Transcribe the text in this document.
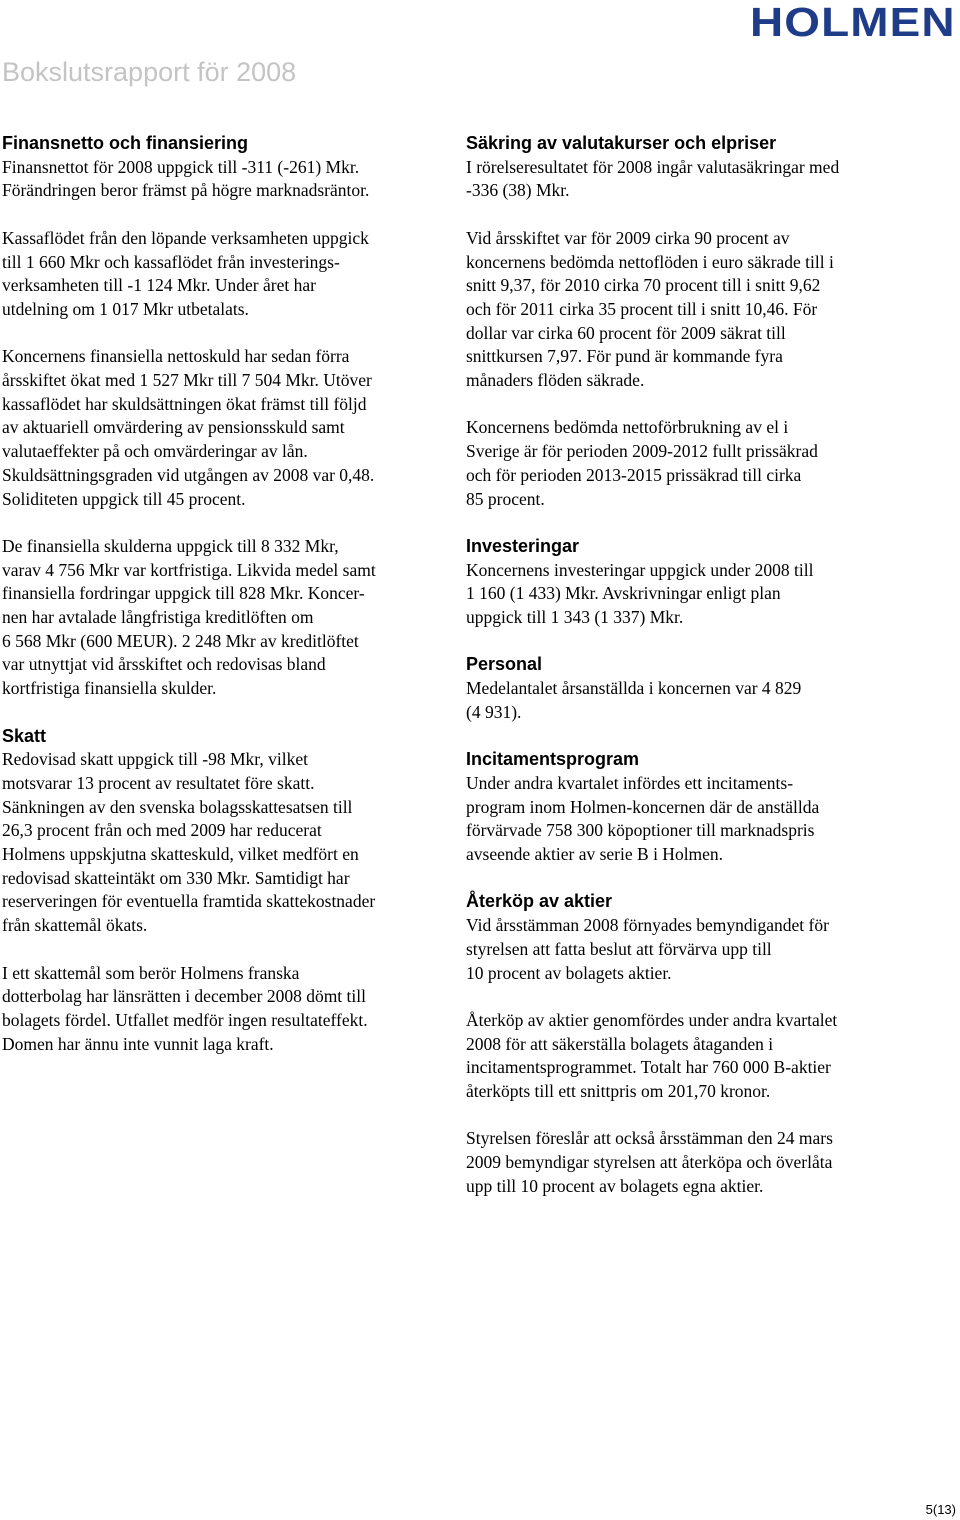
HOLMEN
Bokslutsrapport för 2008
Finansnetto och finansiering

Finansnettot för 2008 uppgick till -311 (-261) Mkr.
Förändringen beror främst på högre marknadsräntor.

Kassaflödet från den löpande verksamheten uppgick
till 1 660 Mkr och kassaflödet från investerings-
verksamheten till -1 124 Mkr. Under året har
utdelning om 1 017 Mkr utbetalats.

Koncernens finansiella nettoskuld har sedan förra
årsskiftet ökat med 1 527 Mkr till 7 504 Mkr. Utöver
kassaflödet har skuldsättningen ökat främst till följd
av aktuariell omvärdering av pensionsskuld samt
valutaeffekter på och omvärderingar av lån.
Skuldsättningsgraden vid utgången av 2008 var 0,48.
Soliditeten uppgick till 45 procent.

De finansiella skulderna uppgick till 8 332 Mkr,
varav 4 756 Mkr var kortfristiga. Likvida medel samt
finansiella fordringar uppgick till 828 Mkr. Koncer-
nen har avtalade långfristiga kreditlöften om
6 568 Mkr (600 MEUR). 2 248 Mkr av kreditlöftet
var utnyttjat vid årsskiftet och redovisas bland
kortfristiga finansiella skulder.

Skatt

Redovisad skatt uppgick till -98 Mkr, vilket
motsvarar 13 procent av resultatet före skatt.
Sänkningen av den svenska bolagsskattesatsen till
26,3 procent från och med 2009 har reducerat
Holmens uppskjutna skatteskuld, vilket medfört en
redovisad skatteintäkt om 330 Mkr. Samtidigt har
reserveringen för eventuella framtida skattekostnader
från skattemål ökats.

I ett skattemål som berör Holmens franska
dotterbolag har länsrätten i december 2008 dömt till
bolagets fördel. Utfallet medför ingen resultateffekt.
Domen har ännu inte vunnit laga kraft.

Säkring av valutakurser och elpriser

I rörelseresultatet för 2008 ingår valutasäkringar med
-336 (38) Mkr.

Vid årsskiftet var för 2009 cirka 90 procent av
koncernens bedömda nettoflöden i euro säkrade till i
snitt 9,37, för 2010 cirka 70 procent till i snitt 9,62
och för 2011 cirka 35 procent till i snitt 10,46. För
dollar var cirka 60 procent för 2009 säkrat till
snittkursen 7,97. För pund är kommande fyra
månaders flöden säkrade.

Koncernens bedömda nettoförbrukning av el i
Sverige är för perioden 2009-2012 fullt prissäkrad
och för perioden 2013-2015 prissäkrad till cirka
85 procent.

Investeringar

Koncernens investeringar uppgick under 2008 till
1 160 (1 433) Mkr. Avskrivningar enligt plan
uppgick till 1 343 (1 337) Mkr.

Personal

Medelantalet årsanställda i koncernen var 4 829
(4 931).

Incitamentsprogram

Under andra kvartalet infördes ett incitaments-
program inom Holmen-koncernen där de anställda
förvärvade 758 300 köpoptioner till marknadspris
avseende aktier av serie B i Holmen.

Återköp av aktier

Vid årsstämman 2008 förnyades bemyndigandet för
styrelsen att fatta beslut att förvärva upp till
10 procent av bolagets aktier.

Återköp av aktier genomfördes under andra kvartalet
2008 för att säkerställa bolagets åtaganden i
incitamentsprogrammet. Totalt har 760 000 B-aktier
återköpts till ett snittpris om 201,70 kronor.

Styrelsen föreslår att också årsstämman den 24 mars
2009 bemyndigar styrelsen att återköpa och överlåta
upp till 10 procent av bolagets egna aktier.

5(13)
